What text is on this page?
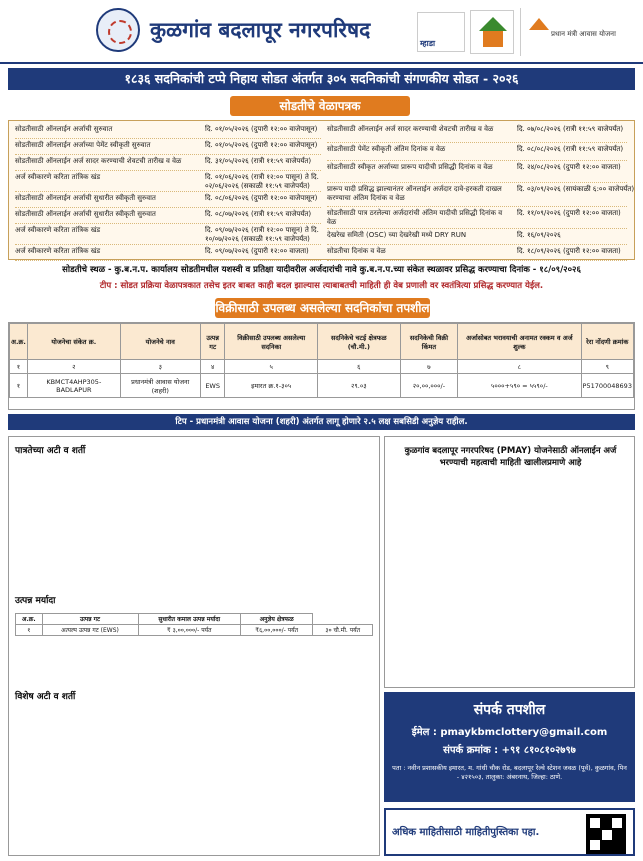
कुळगांव बदलापूर नगरपरिषद
म्हाडा
प्रधान मंत्री आवास योजना
१८३६ सदनिकांची टप्पे निहाय सोडत अंतर्गत ३०५ सदनिकांची संगणकीय सोडत - २०२६
सोडतीचे वेळापत्रक
सोडतीसाठी ऑनलाईन अर्जाची सुरुवात	दि. ०१/०५/२०२६ (दुपारी १२:०० वाजेपासून)
सोडतीसाठी ऑनलाईन अर्जाच्या पेमेंट स्वीकृती सुरुवात	दि. ०१/०५/२०२६ (दुपारी १२:०० वाजेपासून)
सोडतीसाठी ऑनलाईन अर्ज सादर करण्याची शेवटची तारीख व वेळ	दि. ३१/०५/२०२६ (रात्री ११:५९ वाजेपर्यंत)
अर्ज स्वीकारणे करिता तांत्रिक खंड	दि. ०१/०६/२०२६ (रात्री १२:०० पासून) ते दि. ०२/०६/२०२६ (सकाळी ११:५९ वाजेपर्यंत)
सोडतीसाठी ऑनलाईन अर्जाची सुधारीत स्वीकृती सुरुवात	दि. ०८/०६/२०२६ (दुपारी १२:०० वाजेपासून)
सोडतीसाठी ऑनलाईन अर्जाची सुधारीत स्वीकृती सुरुवात	दि. ०८/०७/२०२६ (रात्री ११:५९ वाजेपर्यंत)
अर्ज स्वीकारणे करिता तांत्रिक खंड	दि. ०९/०७/२०२६ (रात्री १२:०० पासून) ते दि. १०/०७/२०२६ (सकाळी ११:५९ वाजेपर्यंत)
अर्ज स्वीकारणे करिता तांत्रिक खंड	दि. ०९/०७/२०२६ (दुपारी १२:०० वाजता)
सोडतीसाठी ऑनलाईन अर्ज सादर करण्याची शेवटची तारीख व वेळ	दि. ०७/०८/२०२६ (रात्री ११:५९ वाजेपर्यंत)
सोडतीसाठी पेमेंट स्वीकृती अंतिम दिनांक व वेळ	दि. ०८/०८/२०२६ (रात्री ११:५९ वाजेपर्यंत)
सोडतीसाठी स्वीकृत अर्जाच्या प्रारूप यादीची प्रसिद्धी दिनांक व वेळ	दि. २४/०८/२०२६ (दुपारी १२:०० वाजता)
प्रारूप यादी प्रसिद्ध झाल्यानंतर ऑनलाईन अर्जदार दावे-हरकती दाखल करण्याचा अंतिम दिनांक व वेळ
दि. ०३/०९/२०२६ (सायंकाळी ६:०० वाजेपर्यंत)
सोडतीसाठी पात्र ठरलेल्या अर्जदारांची अंतिम यादीची प्रसिद्धी दिनांक व वेळ
दि. ११/०९/२०२६ (दुपारी १२:०० वाजता)
देखरेख समिती (OSC) च्या देखरेखी मध्ये DRY RUN	दि. १६/०९/२०२६
सोडतीचा दिनांक व वेळ	दि. १८/०९/२०२६ (दुपारी १२:०० वाजता)
सोडतीचे स्थळ - कु.ब.न.प. कार्यालय सोडतीमधील यशस्वी व प्रतिक्षा यादीवरील अर्जदारांची नावे कु.ब.न.प.च्या संकेत स्थळावर प्रसिद्ध करण्याचा दिनांक - १८/०९/२०२६
टीप : सोडत प्रक्रिया वेळापत्रकात तसेच इतर बाबत काही बदल झाल्यास त्याबाबतची माहिती ही वेब प्रणाली वर स्वतंत्रित्या प्रसिद्ध करण्यात येईल.
विक्रीसाठी उपलब्ध असलेल्या सदनिकांचा तपशील
अ.क्र.	योजनेचा संकेत क्र.	योजनेचे नाव	उत्पन्न गट	विक्रीसाठी उपलब्ध असलेल्या सदनिका	सदनिकेचे चटई क्षेत्रफळ (चौ.मी.)	सदनिकेची विक्री किंमत	अर्जासोबत भरावयाची अनामत रक्कम व अर्ज शुल्क	रेरा नोंदणी क्रमांक
१	२	३	४	५	६	७	८	९
१	KBMCT4AHP305-BADLAPUR	प्रधानमंत्री आवास योजना (शहरी)	EWS	इमारत क्र.१-३०५	२९.०३	२०,००,०००/-	५०००+५९० = ५५९०/-	P51700048693
टिप - प्रधानमंत्री आवास योजना (शहरी) अंतर्गत लागू होणारे २.५ लक्ष सबसिडी अनुज्ञेय राहील.
पात्रतेच्या अटी व शर्ती
उत्पन्न मर्यादा
अ.क्र.	उत्पन्न गट	सुधारीत कमाल उत्पन्न मर्यादा	अनुज्ञेय क्षेत्रफळ	
१	अत्यल्प उत्पन्न गट (EWS)	₹ ३,००,०००/- पर्यंत	₹६,००,०००/- पर्यंत	३० चौ.मी. पर्यंत
विशेष अटी व शर्ती
कुळगांव बदलापूर नगरपरिषद (PMAY) योजनेसाठी ऑनलाईन अर्ज भरण्याची महत्वाची माहिती खालीलप्रमाणे आहे
संपर्क तपशील
ईमेल : pmaykbmclottery@gmail.com
संपर्क क्रमांक : +९१ ८१०८१०२७९७
पता : नवीन प्रशासकीय इमारत, म. गांधी चौक रोड, बदलापूर रेल्वे स्टेशन जवळ (पूर्व), कुळगांव, पिन - ४२१५०३, तालुका: अंबरनाथ, जिल्हा: ठाणे.
अधिक माहितीसाठी माहितीपुस्तिका पहा.
